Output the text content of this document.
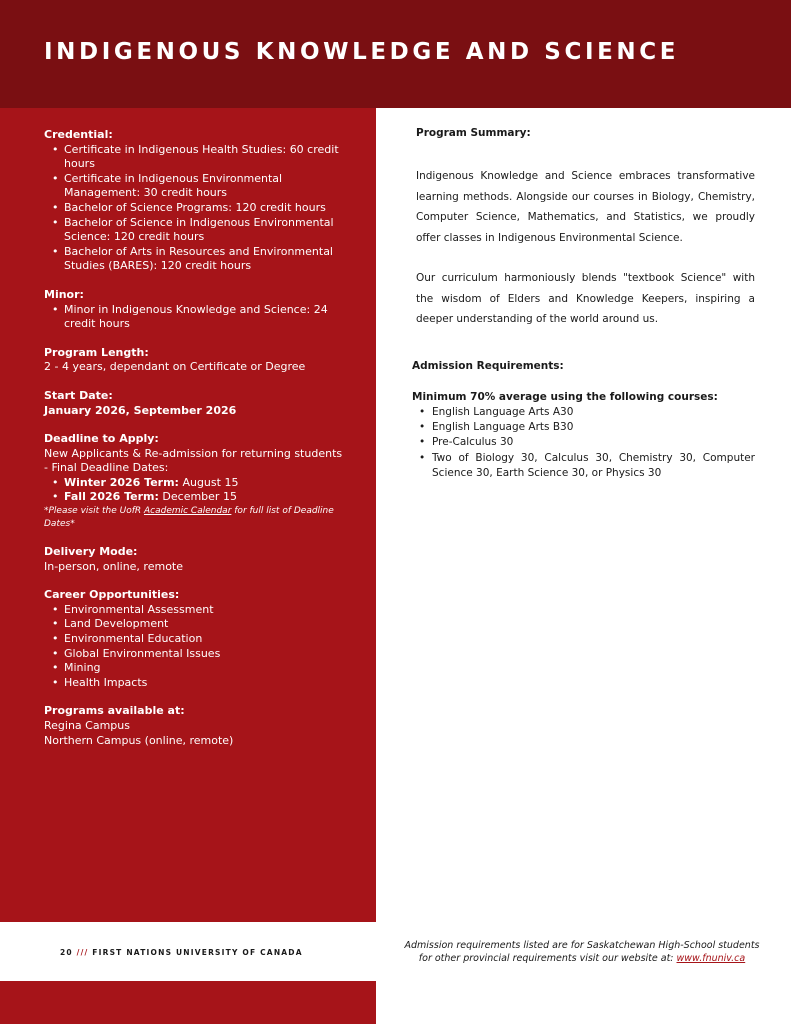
INDIGENOUS KNOWLEDGE AND SCIENCE

Credential:

• Certificate in Indigenous Health Studies: 60 credit hours
• Certificate in Indigenous Environmental Management: 30 credit hours
• Bachelor of Science Programs: 120 credit hours
• Bachelor of Science in Indigenous Environmental Science: 120 credit hours
• Bachelor of Arts in Resources and Environmental Studies (BARES): 120 credit hours

Minor:

• Minor in Indigenous Knowledge and Science: 24 credit hours

Program Length:

2 - 4 years, dependant on Certificate or Degree

Start Date:

January 2026, September 2026

Deadline to Apply:

New Applicants & Re-admission for returning students - Final Deadline Dates:

• Winter 2026 Term: August 15
• Fall 2026 Term: December 15

*Please visit the UofR Academic Calendar for full list of Deadline Dates*

Delivery Mode:

In-person, online, remote

Career Opportunities:

• Environmental Assessment
• Land Development
• Environmental Education
• Global Environmental Issues
• Mining
• Health Impacts

Programs available at:

Regina Campus

Northern Campus (online, remote)

Program Summary:

Indigenous Knowledge and Science embraces transformative learning methods. Alongside our courses in Biology, Chemistry, Computer Science, Mathematics, and Statistics, we proudly offer classes in Indigenous Environmental Science.

Our curriculum harmoniously blends "textbook Science" with the wisdom of Elders and Knowledge Keepers, inspiring a deeper understanding of the world around us.

Admission Requirements:

Minimum 70% average using the following courses:

• English Language Arts A30
• English Language Arts B30
• Pre-Calculus 30
• Two of Biology 30, Calculus 30, Chemistry 30, Computer Science 30, Earth Science 30, or Physics 30
20 /// FIRST NATIONS UNIVERSITY OF CANADA
Admission requirements listed are for Saskatchewan High-School students for other provincial requirements visit our website at: www.fnuniv.ca
